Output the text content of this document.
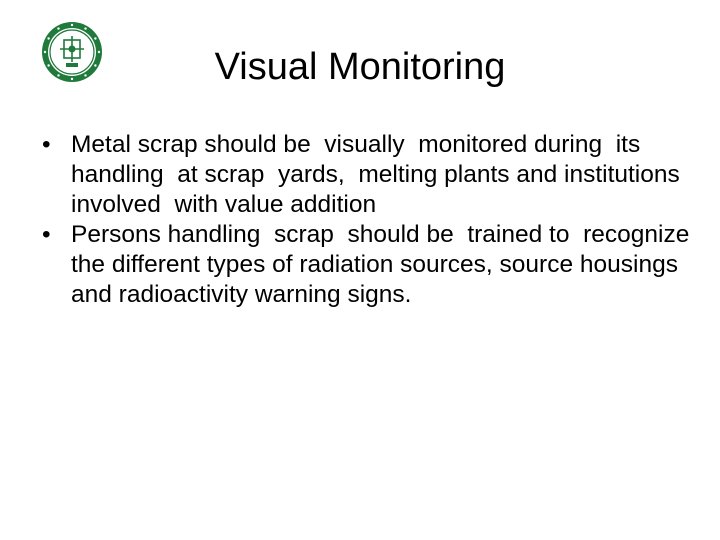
Visual Monitoring
• Metal scrap should be  visually  monitored during  its handling  at scrap  yards,  melting plants and institutions involved  with value addition
• Persons handling  scrap  should be  trained to  recognize  the different types of radiation sources, source housings and radioactivity warning signs.
